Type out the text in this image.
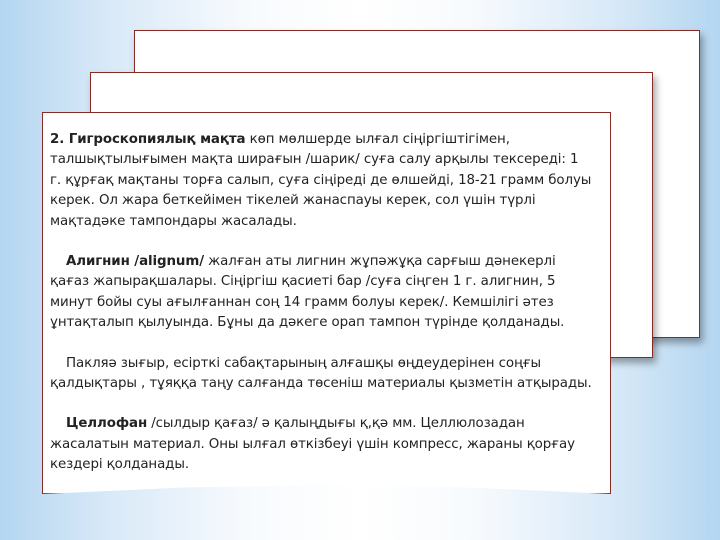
2. Гигроскопиялық мақта көп мөлшерде ылғал сіңіргіштігімен,
талшықтылығымен мақта ширағын /шарик/ суға салу арқылы тексереді: 1
г. құрғақ мақтаны торға салып, суға сіңіреді де өлшейді, 18-21 грамм болуы
керек. Ол жара беткейімен тікелей жанаспауы керек, сол үшін түрлі
мақтадәке тампондары жасалады.
Алигнин /alignum/ жалған аты лигнин жұпәжұқа сарғыш дәнекерлі
қағаз жапырақшалары. Сіңіргіш қасиеті бар /суға сіңген 1 г. алигнин, 5
минут бойы суы ағылғаннан соң 14 грамм болуы керек/. Кемшілігі әтез
ұнтақталып қылуында. Бұны да дәкеге орап тампон түрінде қолданады.
Пакляә зығыр, есірткі сабақтарының алғашқы өңдеудерінен соңғы
қалдықтары , тұяққа таңу салғанда төсеніш материалы қызметін атқырады.
Целлофан /сылдыр қағаз/ ә қалыңдығы қ,қә мм. Целлюлозадан
жасалатын материал. Оны ылғал өткізбеуі үшін компресс, жараны қорғау
кездері қолданады.
